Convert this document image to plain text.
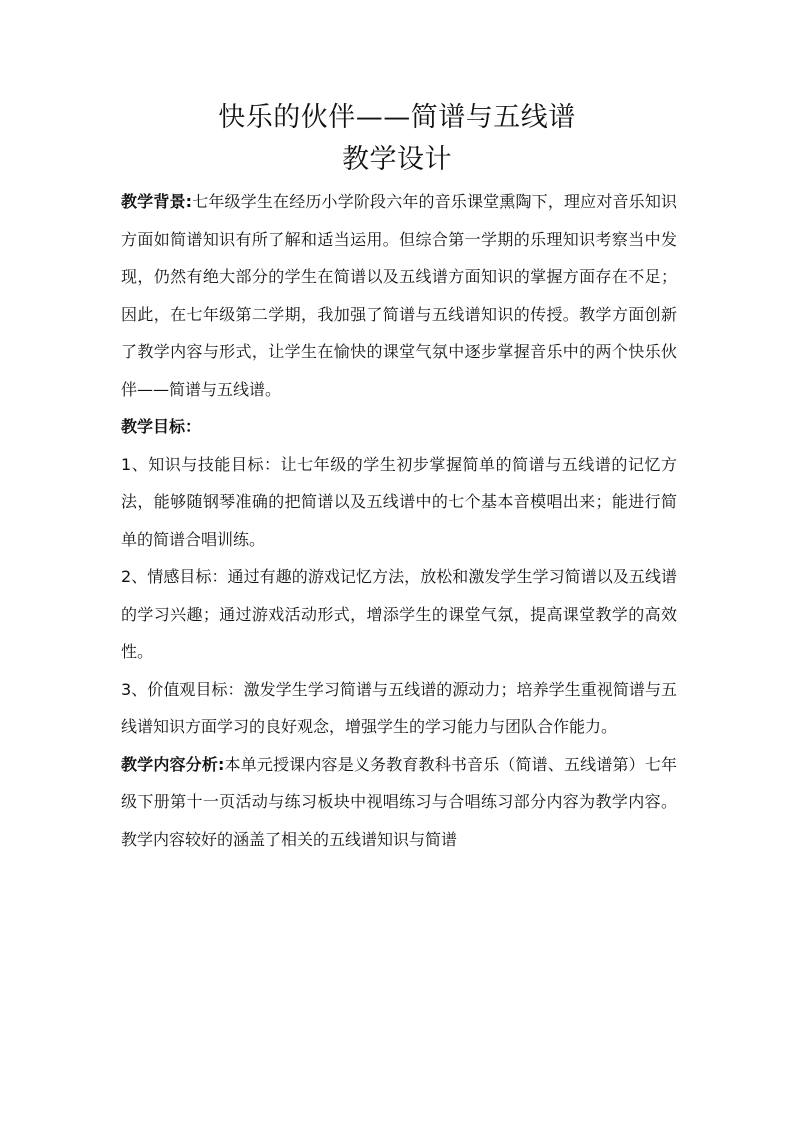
快乐的伙伴——简谱与五线谱
教学设计

教学背景:七年级学生在经历小学阶段六年的音乐课堂熏陶下，理应对音乐知识方面如简谱知识有所了解和适当运用。但综合第一学期的乐理知识考察当中发现，仍然有绝大部分的学生在简谱以及五线谱方面知识的掌握方面存在不足；因此，在七年级第二学期，我加强了简谱与五线谱知识的传授。教学方面创新了教学内容与形式，让学生在愉快的课堂气氛中逐步掌握音乐中的两个快乐伙伴——简谱与五线谱。

教学目标：

1、知识与技能目标：让七年级的学生初步掌握简单的简谱与五线谱的记忆方法，能够随钢琴准确的把简谱以及五线谱中的七个基本音模唱出来；能进行简单的简谱合唱训练。

2、情感目标：通过有趣的游戏记忆方法，放松和激发学生学习简谱以及五线谱的学习兴趣；通过游戏活动形式，增添学生的课堂气氛，提高课堂教学的高效性。

3、价值观目标：激发学生学习简谱与五线谱的源动力；培养学生重视简谱与五线谱知识方面学习的良好观念，增强学生的学习能力与团队合作能力。

教学内容分析:本单元授课内容是义务教育教科书音乐（简谱、五线谱第）七年级下册第十一页活动与练习板块中视唱练习与合唱练习部分内容为教学内容。教学内容较好的涵盖了相关的五线谱知识与简谱
